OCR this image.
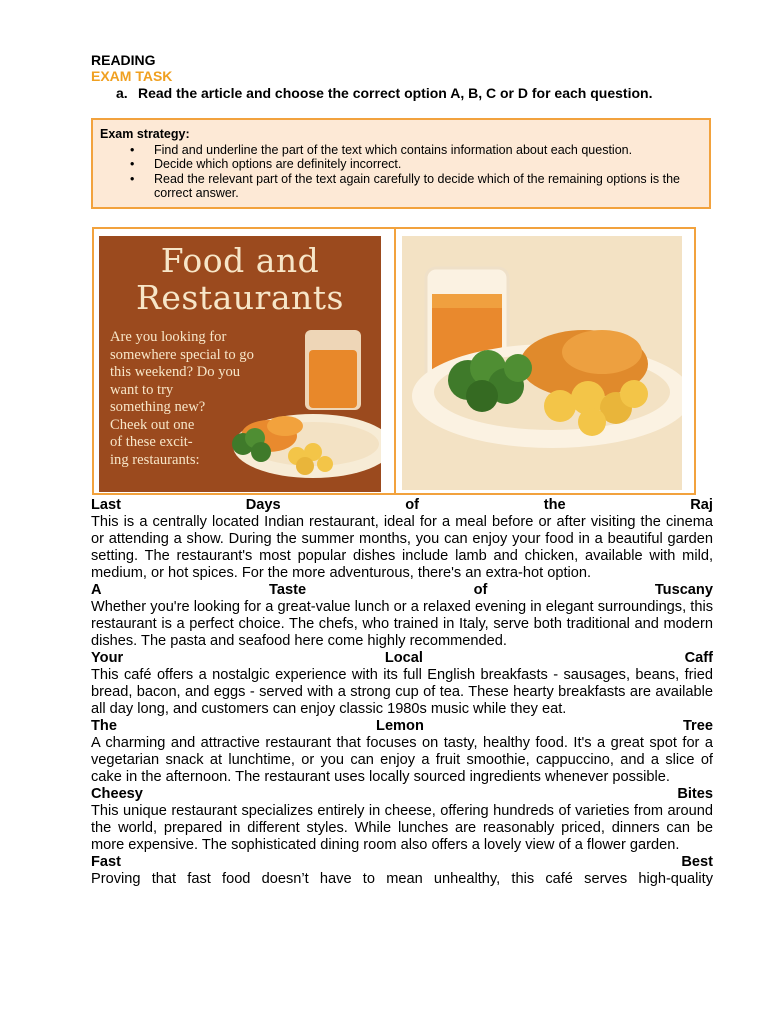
READING
EXAM TASK
a. Read the article and choose the correct option A, B, C or D for each question.
Exam strategy:
• Find and underline the part of the text which contains information about each question.
• Decide which options are definitely incorrect.
• Read the relevant part of the text again carefully to decide which of the remaining options is the correct answer.
Food and
Restaurants
Are you looking for
somewhere special to go
this weekend? Do you
want to try
something new?
Cheek out one
of these excit-
ing restaurants:
Last	Days	of	the	Raj
This is a centrally located Indian restaurant, ideal for a meal before or after visiting the cinema or attending a show. During the summer months, you can enjoy your food in a beautiful garden setting. The restaurant's most popular dishes include lamb and chicken, available with mild, medium, or hot spices. For the more adventurous, there's an extra-hot option.
A	Taste	of	Tuscany
Whether you're looking for a great-value lunch or a relaxed evening in elegant surroundings, this restaurant is a perfect choice. The chefs, who trained in Italy, serve both traditional and modern dishes. The pasta and seafood here come highly recommended.
Your	Local	Caff
This café offers a nostalgic experience with its full English breakfasts - sausages, beans, fried bread, bacon, and eggs - served with a strong cup of tea. These hearty breakfasts are available all day long, and customers can enjoy classic 1980s music while they eat.
The	Lemon	Tree
A charming and attractive restaurant that focuses on tasty, healthy food. It's a great spot for a vegetarian snack at lunchtime, or you can enjoy a fruit smoothie, cappuccino, and a slice of cake in the afternoon. The restaurant uses locally sourced ingredients whenever possible.
Cheesy	Bites
This unique restaurant specializes entirely in cheese, offering hundreds of varieties from around the world, prepared in different styles. While lunches are reasonably priced, dinners can be more expensive. The sophisticated dining room also offers a lovely view of a flower garden.
Fast	Best
Proving that fast food doesn’t have to mean unhealthy, this café serves high-quality
